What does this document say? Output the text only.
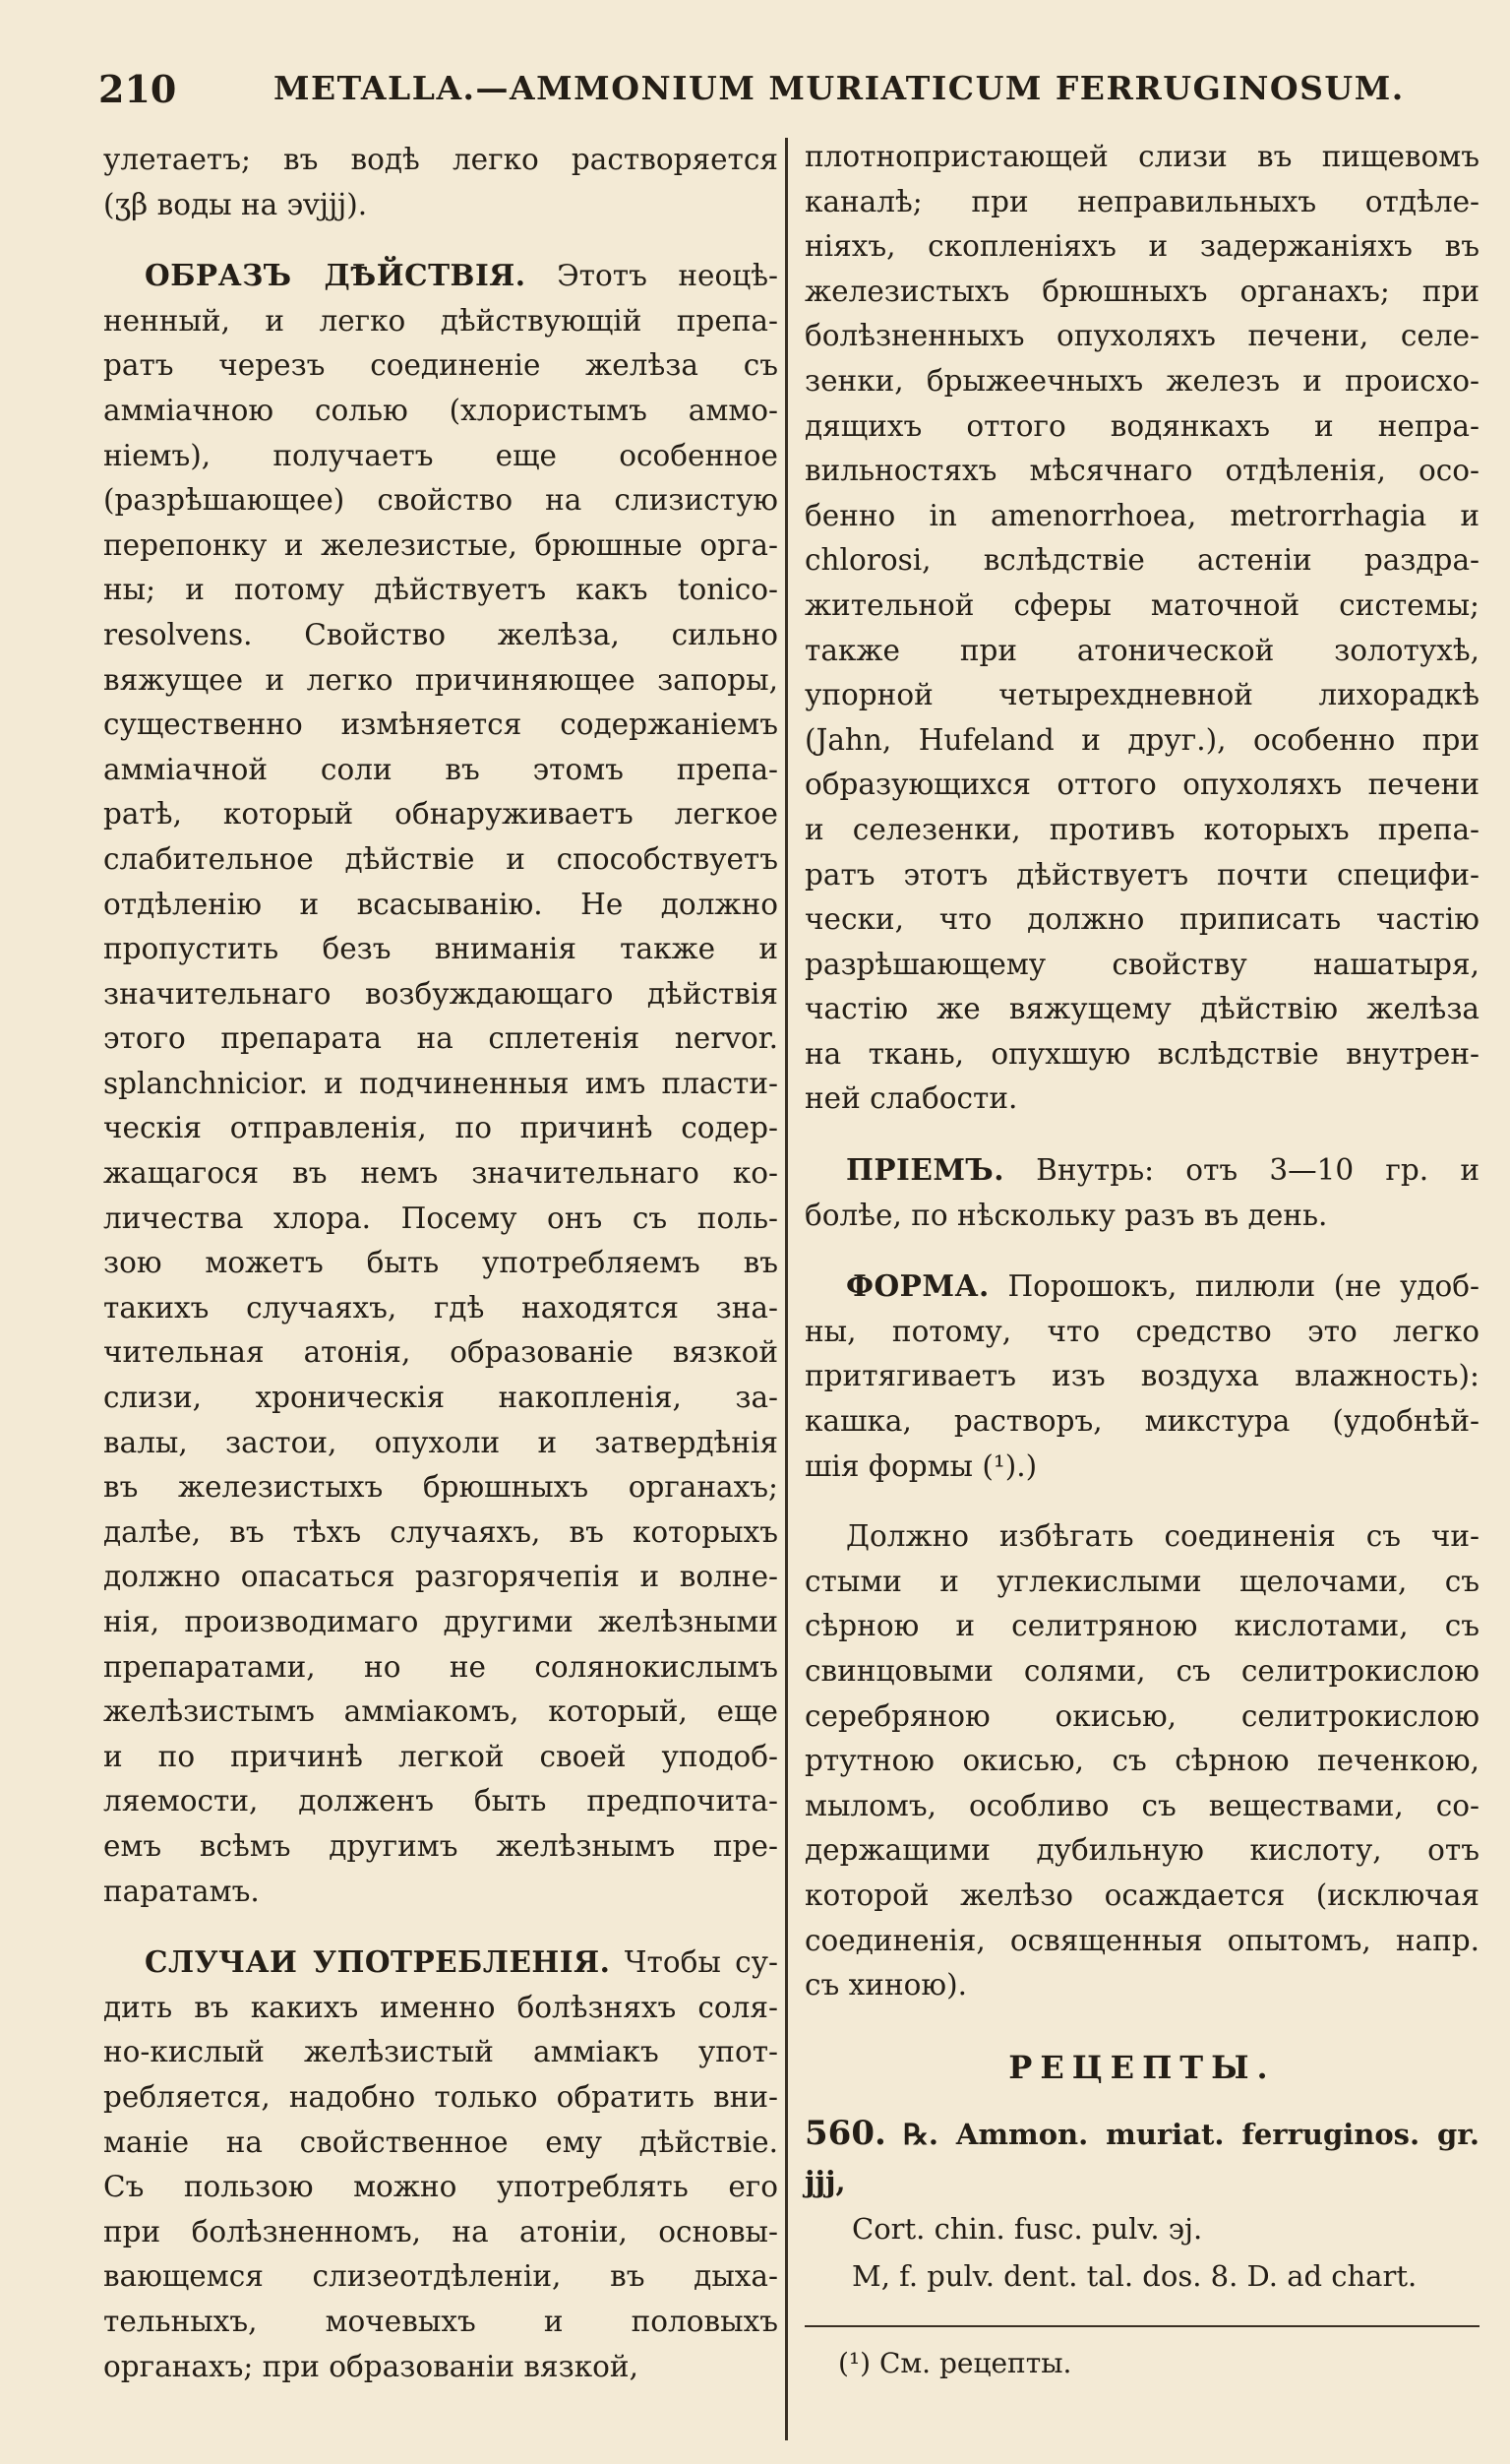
210	METALLA.—AMMONIUM MURIATICUM FERRUGINOSUM.

улетаетъ; въ водѣ легко растворяется
(ʒβ воды на ϶vjjj).

ОБРАЗЪ ДѢЙСТВІЯ. Этотъ неоцѣ-
ненный, и легко дѣйствующій препа-
ратъ черезъ соединеніе желѣза съ
амміачною солью (хлористымъ аммо-
ніемъ), получаетъ еще особенное
(разрѣшающее) свойство на слизистую
перепонку и железистые, брюшные орга-
ны; и потому дѣйствуетъ какъ tonico-
resolvens. Свойство желѣза, сильно
вяжущее и легко причиняющее запоры,
существенно измѣняется содержаніемъ
амміачной соли въ этомъ препа-
ратѣ, который обнаруживаетъ легкое
слабительное дѣйствіе и способствуетъ
отдѣленію и всасыванію. Не должно
пропустить безъ вниманія также и
значительнаго возбуждающаго дѣйствія
этого препарата на сплетенія nervor.
splanchnicior. и подчиненныя имъ пласти-
ческія отправленія, по причинѣ содер-
жащагося въ немъ значительнаго ко-
личества хлора. Посему онъ съ поль-
зою можетъ быть употребляемъ въ
такихъ случаяхъ, гдѣ находятся зна-
чительная атонія, образованіе вязкой
слизи, хроническія накопленія, за-
валы, застои, опухоли и затвердѣнія
въ железистыхъ брюшныхъ органахъ;
далѣе, въ тѣхъ случаяхъ, въ которыхъ
должно опасаться разгорячепія и волне-
нія, производимаго другими желѣзными
препаратами, но не солянокислымъ
желѣзистымъ амміакомъ, который, еще
и по причинѣ легкой своей уподоб-
ляемости, долженъ быть предпочита-
емъ всѣмъ другимъ желѣзнымъ пре-
паратамъ.

СЛУЧАИ УПОТРЕБЛЕНІЯ. Чтобы су-
дить въ какихъ именно болѣзняхъ соля-
но-кислый желѣзистый амміакъ упот-
ребляется, надобно только обратить вни-
маніе на свойственное ему дѣйствіе.
Съ пользою можно употреблять его
при болѣзненномъ, на атоніи, основы-
вающемся слизеотдѣленіи, въ дыха-
тельныхъ, мочевыхъ и половыхъ
органахъ; при образованіи вязкой,

плотнопристающей слизи въ пищевомъ
каналѣ; при неправильныхъ отдѣле-
ніяхъ, скопленіяхъ и задержаніяхъ въ
железистыхъ брюшныхъ органахъ; при
болѣзненныхъ опухоляхъ печени, селе-
зенки, брыжеечныхъ железъ и происхо-
дящихъ оттого водянкахъ и непра-
вильностяхъ мѣсячнаго отдѣленія, осо-
бенно in amenorrhoea, metrorrhagia и
chlorosi, вслѣдствіе астеніи раздра-
жительной сферы маточной системы;
также при атонической золотухѣ,
упорной четырехдневной лихорадкѣ
(Jahn, Hufeland и друг.), особенно при
образующихся оттого опухоляхъ печени
и селезенки, противъ которыхъ препа-
ратъ этотъ дѣйствуетъ почти специфи-
чески, что должно приписать частію
разрѣшающему свойству нашатыря,
частію же вяжущему дѣйствію желѣза
на ткань, опухшую вслѣдствіе внутрен-
ней слабости.

ПРІЕМЪ. Внутрь: отъ 3—10 гр. и
болѣе, по нѣскольку разъ въ день.

ФОРМА. Порошокъ, пилюли (не удоб-
ны, потому, что средство это легко
притягиваетъ изъ воздуха влажность):
кашка, растворъ, микстура (удобнѣй-
шія формы (¹).)

Должно избѣгать соединенія съ чи-
стыми и углекислыми щелочами, съ
сѣрною и селитряною кислотами, съ
свинцовыми солями, съ селитрокислою
серебряною окисью, селитрокислою
ртутною окисью, съ сѣрною печенкою,
мыломъ, особливо съ веществами, со-
держащими дубильную кислоту, отъ
которой желѣзо осаждается (исключая
соединенія, освященныя опытомъ, напр.
съ хиною).

РЕЦЕПТЫ.
560. ℞. Ammon. muriat. ferruginos. gr. jjj,
Cort. chin. fusc. pulv. ϶j.
M, f. pulv. dent. tal. dos. 8. D. ad chart.
(¹) См. рецепты.
